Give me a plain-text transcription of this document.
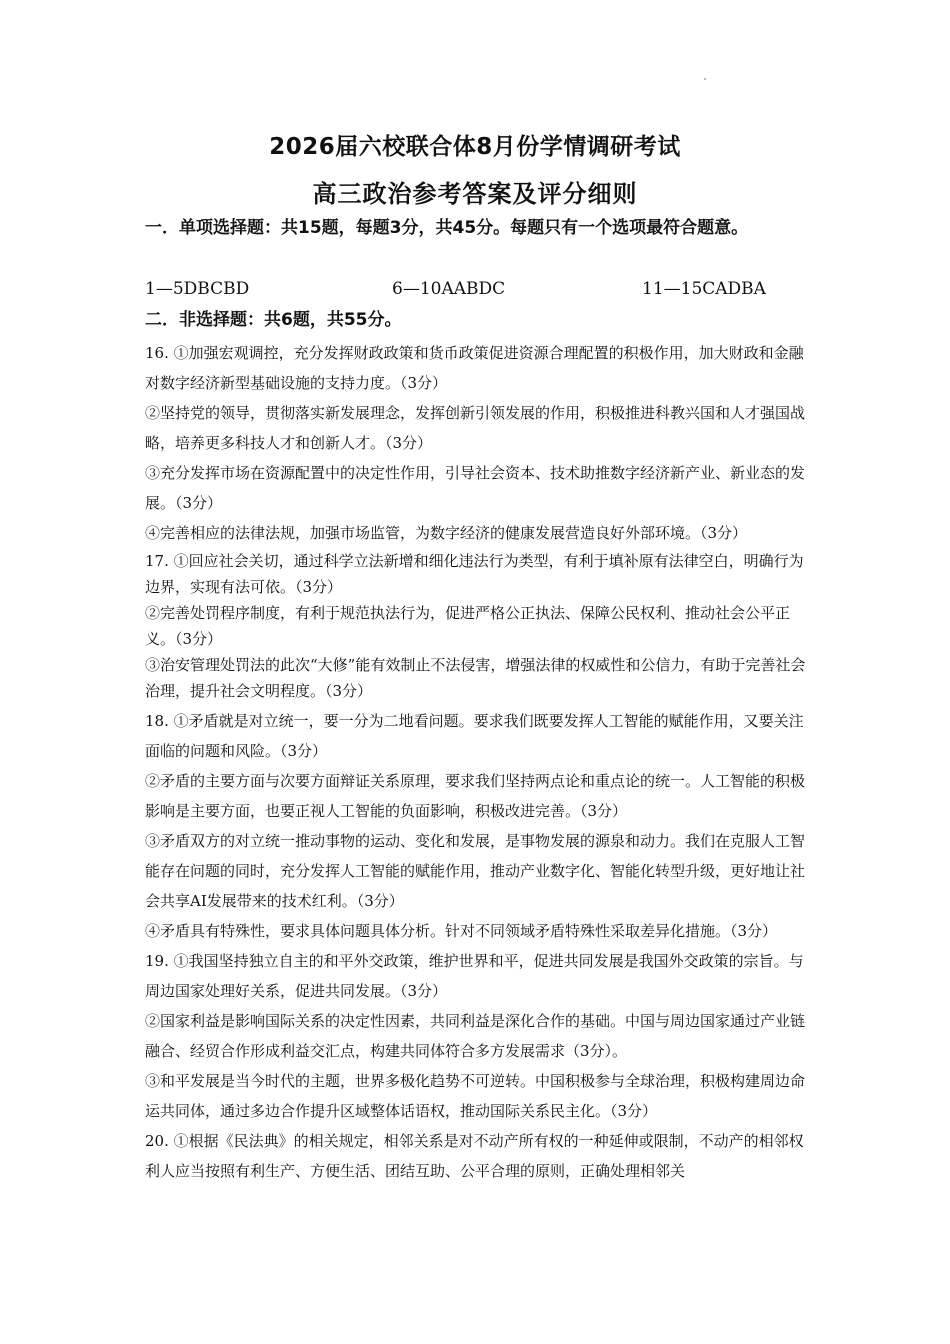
2026届六校联合体8月份学情调研考试
高三政治参考答案及评分细则
一．单项选择题：共15题，每题3分，共45分。每题只有一个选项最符合题意。
1—5DBCBD	6—10AABDC	11—15CADBA
二．非选择题：共6题，共55分。

16. ①加强宏观调控，充分发挥财政政策和货币政策促进资源合理配置的积极作用，加大财政和金融对数字经济新型基础设施的支持力度。（3分）

②坚持党的领导，贯彻落实新发展理念，发挥创新引领发展的作用，积极推进科教兴国和人才强国战略，培养更多科技人才和创新人才。（3分）

③充分发挥市场在资源配置中的决定性作用，引导社会资本、技术助推数字经济新产业、新业态的发展。（3分）

④完善相应的法律法规，加强市场监管，为数字经济的健康发展营造良好外部环境。（3分）

17. ①回应社会关切，通过科学立法新增和细化违法行为类型，有利于填补原有法律空白，明确行为边界，实现有法可依。（3分）

②完善处罚程序制度，有利于规范执法行为，促进严格公正执法、保障公民权利、推动社会公平正义。（3分）

③治安管理处罚法的此次“大修”能有效制止不法侵害，增强法律的权威性和公信力，有助于完善社会治理，提升社会文明程度。（3分）

18. ①矛盾就是对立统一，要一分为二地看问题。要求我们既要发挥人工智能的赋能作用，又要关注面临的问题和风险。（3分）

②矛盾的主要方面与次要方面辩证关系原理，要求我们坚持两点论和重点论的统一。人工智能的积极影响是主要方面，也要正视人工智能的负面影响，积极改进完善。（3分）

③矛盾双方的对立统一推动事物的运动、变化和发展，是事物发展的源泉和动力。我们在克服人工智能存在问题的同时，充分发挥人工智能的赋能作用，推动产业数字化、智能化转型升级，更好地让社会共享AI发展带来的技术红利。（3分）

④矛盾具有特殊性，要求具体问题具体分析。针对不同领域矛盾特殊性采取差异化措施。（3分）

19. ①我国坚持独立自主的和平外交政策，维护世界和平，促进共同发展是我国外交政策的宗旨。与周边国家处理好关系，促进共同发展。（3分）

②国家利益是影响国际关系的决定性因素，共同利益是深化合作的基础。中国与周边国家通过产业链融合、经贸合作形成利益交汇点，构建共同体符合多方发展需求（3分）。

③和平发展是当今时代的主题，世界多极化趋势不可逆转。中国积极参与全球治理，积极构建周边命运共同体，通过多边合作提升区域整体话语权，推动国际关系民主化。（3分）

20. ①根据《民法典》的相关规定，相邻关系是对不动产所有权的一种延伸或限制，不动产的相邻权利人应当按照有利生产、方便生活、团结互助、公平合理的原则，正确处理相邻关
